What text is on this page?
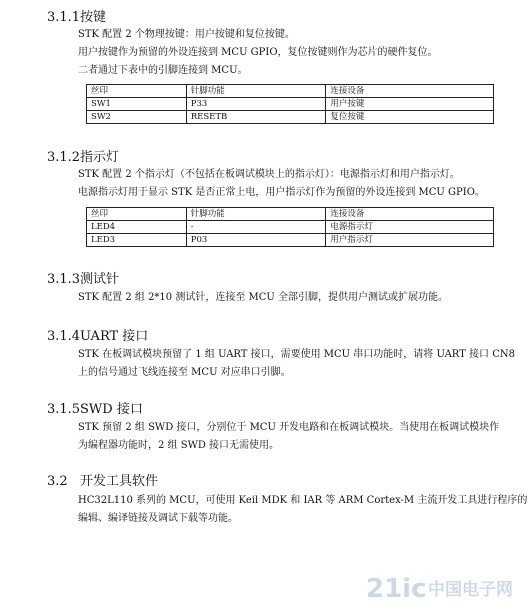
3.1.1按键
STK 配置 2 个物理按键：用户按键和复位按键。
用户按键作为预留的外设连接到 MCU GPIO，复位按键则作为芯片的硬件复位。
二者通过下表中的引脚连接到 MCU。
丝印	针脚功能	连接设备
SW1	P33	用户按键
SW2	RESETB	复位按键
3.1.2指示灯
STK 配置 2 个指示灯（不包括在板调试模块上的指示灯）：电源指示灯和用户指示灯。
电源指示灯用于显示 STK 是否正常上电，用户指示灯作为预留的外设连接到 MCU GPIO。
丝印	针脚功能	连接设备
LED4	-	电源指示灯
LED3	P03	用户指示灯
3.1.3测试针
STK 配置 2 组 2*10 测试针，连接至 MCU 全部引脚，提供用户测试或扩展功能。
3.1.4UART 接口
STK 在板调试模块预留了 1 组 UART 接口，需要使用 MCU 串口功能时，请将 UART 接口 CN8
上的信号通过飞线连接至 MCU 对应串口引脚。
3.1.5SWD 接口
STK 预留 2 组 SWD 接口，分别位于 MCU 开发电路和在板调试模块。当使用在板调试模块作
为编程器功能时，2 组 SWD 接口无需使用。
3.2 开发工具软件
HC32L110 系列的 MCU，可使用 Keil MDK 和 IAR 等 ARM Cortex-M 主流开发工具进行程序的
编辑、编译链接及调试下载等功能。
21ic 中国电子网
